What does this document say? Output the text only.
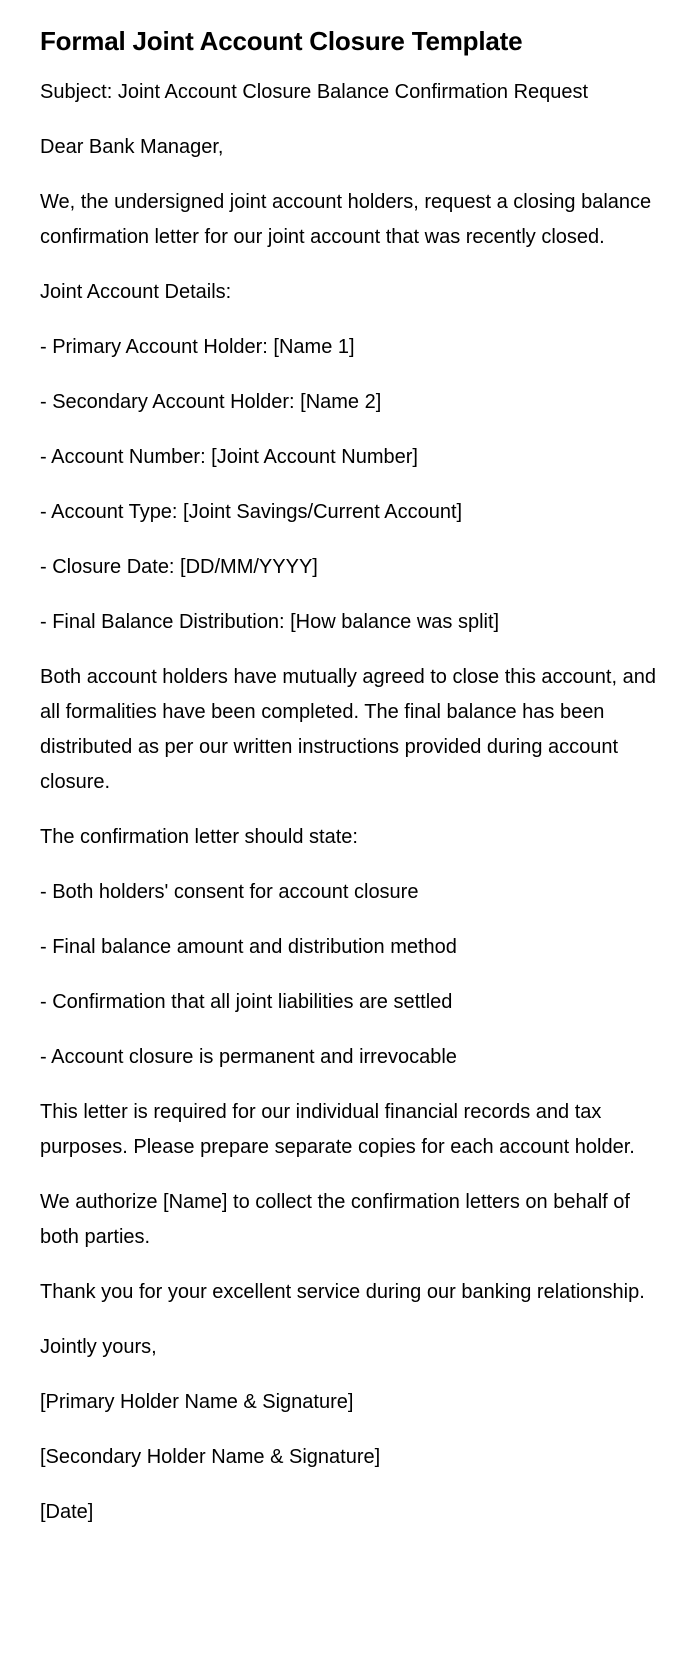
Formal Joint Account Closure Template

Subject: Joint Account Closure Balance Confirmation Request

Dear Bank Manager,

We, the undersigned joint account holders, request a closing balance confirmation letter for our joint account that was recently closed.

Joint Account Details:

- Primary Account Holder: [Name 1]

- Secondary Account Holder: [Name 2]

- Account Number: [Joint Account Number]

- Account Type: [Joint Savings/Current Account]

- Closure Date: [DD/MM/YYYY]

- Final Balance Distribution: [How balance was split]

Both account holders have mutually agreed to close this account, and all formalities have been completed. The final balance has been distributed as per our written instructions provided during account closure.

The confirmation letter should state:

- Both holders' consent for account closure

- Final balance amount and distribution method

- Confirmation that all joint liabilities are settled

- Account closure is permanent and irrevocable

This letter is required for our individual financial records and tax purposes. Please prepare separate copies for each account holder.

We authorize [Name] to collect the confirmation letters on behalf of both parties.

Thank you for your excellent service during our banking relationship.

Jointly yours,

[Primary Holder Name & Signature]

[Secondary Holder Name & Signature]

[Date]
